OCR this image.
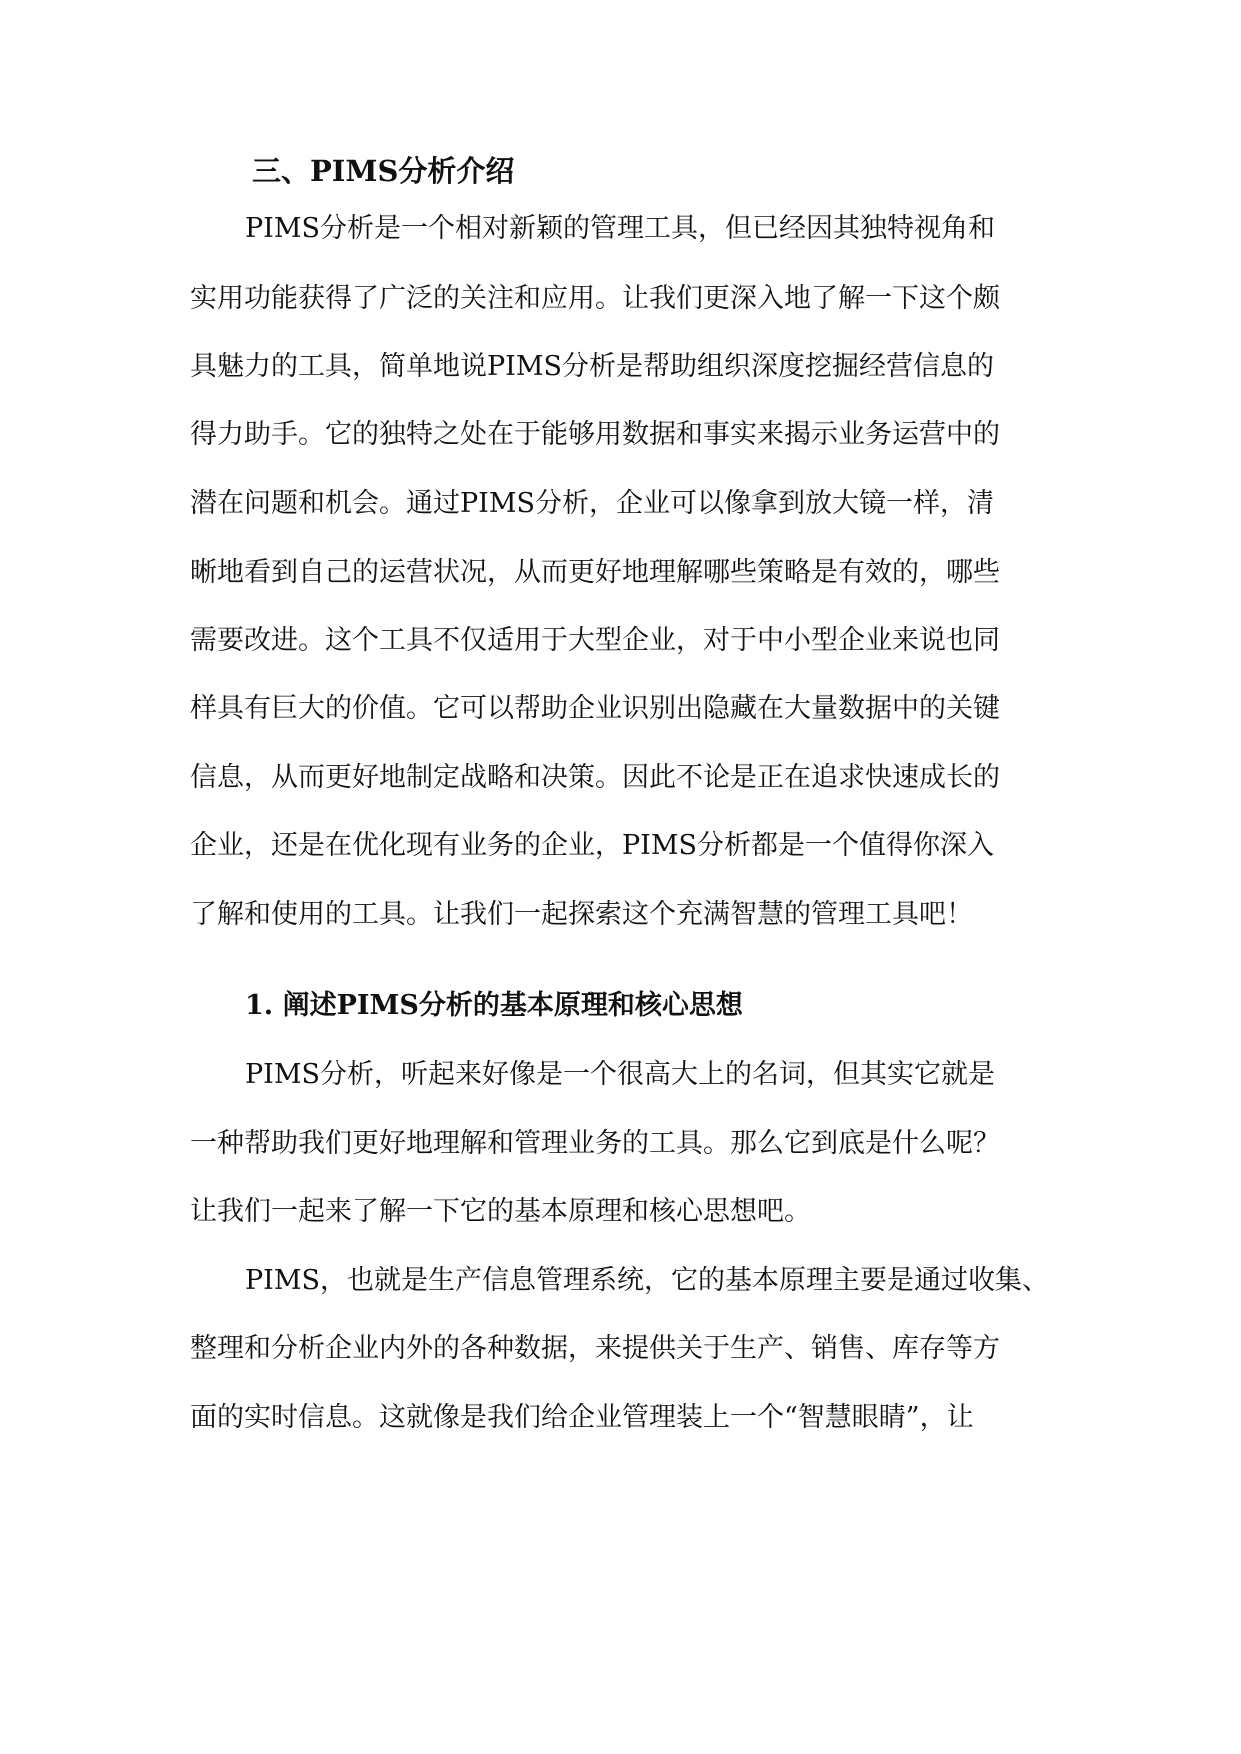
三、PIMS分析介绍
PIMS分析是一个相对新颖的管理工具，但已经因其独特视角和
实用功能获得了广泛的关注和应用。让我们更深入地了解一下这个颇
具魅力的工具，简单地说PIMS分析是帮助组织深度挖掘经营信息的
得力助手。它的独特之处在于能够用数据和事实来揭示业务运营中的
潜在问题和机会。通过PIMS分析，企业可以像拿到放大镜一样，清
晰地看到自己的运营状况，从而更好地理解哪些策略是有效的，哪些
需要改进。这个工具不仅适用于大型企业，对于中小型企业来说也同
样具有巨大的价值。它可以帮助企业识别出隐藏在大量数据中的关键
信息，从而更好地制定战略和决策。因此不论是正在追求快速成长的
企业，还是在优化现有业务的企业，PIMS分析都是一个值得你深入
了解和使用的工具。让我们一起探索这个充满智慧的管理工具吧！
1. 阐述PIMS分析的基本原理和核心思想
PIMS分析，听起来好像是一个很高大上的名词，但其实它就是
一种帮助我们更好地理解和管理业务的工具。那么它到底是什么呢？
让我们一起来了解一下它的基本原理和核心思想吧。
PIMS，也就是生产信息管理系统，它的基本原理主要是通过收集、
整理和分析企业内外的各种数据，来提供关于生产、销售、库存等方
面的实时信息。这就像是我们给企业管理装上一个“智慧眼睛”，让
